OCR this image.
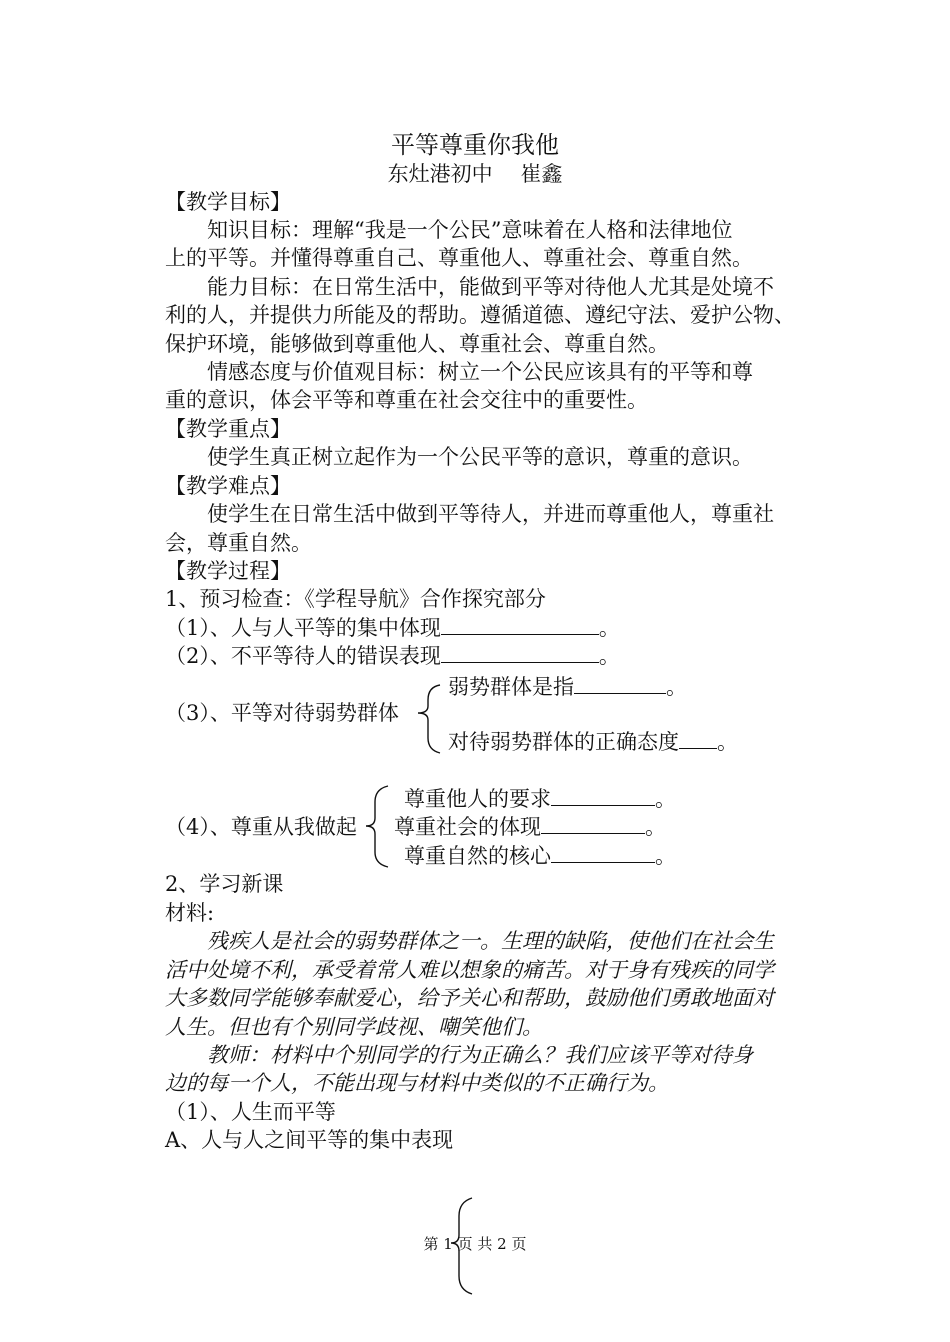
平等尊重你我他
东灶港初中　 崔鑫
【教学目标】
知识目标：理解“我是一个公民”意味着在人格和法律地位
上的平等。并懂得尊重自己、尊重他人、尊重社会、尊重自然。
能力目标：在日常生活中，能做到平等对待他人尤其是处境不
利的人，并提供力所能及的帮助。遵循道德、遵纪守法、爱护公物、
保护环境，能够做到尊重他人、尊重社会、尊重自然。
情感态度与价值观目标：树立一个公民应该具有的平等和尊
重的意识，体会平等和尊重在社会交往中的重要性。
【教学重点】
使学生真正树立起作为一个公民平等的意识，尊重的意识。
【教学难点】
使学生在日常生活中做到平等待人，并进而尊重他人，尊重社
会，尊重自然。
【教学过程】
1、预习检查：《学程导航》合作探究部分
（1）、人与人平等的集中体现	。
（2）、不平等待人的错误表现	。
（3）、平等对待弱势群体
弱势群体是指	。
对待弱势群体的正确态度 。
（4）、尊重从我做起
尊重他人的要求	。
尊重社会的体现	。
尊重自然的核心	。
2、学习新课
材料:
残疾人是社会的弱势群体之一。生理的缺陷，使他们在社会生
活中处境不利，承受着常人难以想象的痛苦。对于身有残疾的同学
大多数同学能够奉献爱心，给予关心和帮助，鼓励他们勇敢地面对
人生。但也有个别同学歧视、嘲笑他们。
教师：材料中个别同学的行为正确么？我们应该平等对待身
边的每一个人，不能出现与材料中类似的不正确行为。
（1）、人生而平等
A、人与人之间平等的集中表现
第 1 页 共 2 页
